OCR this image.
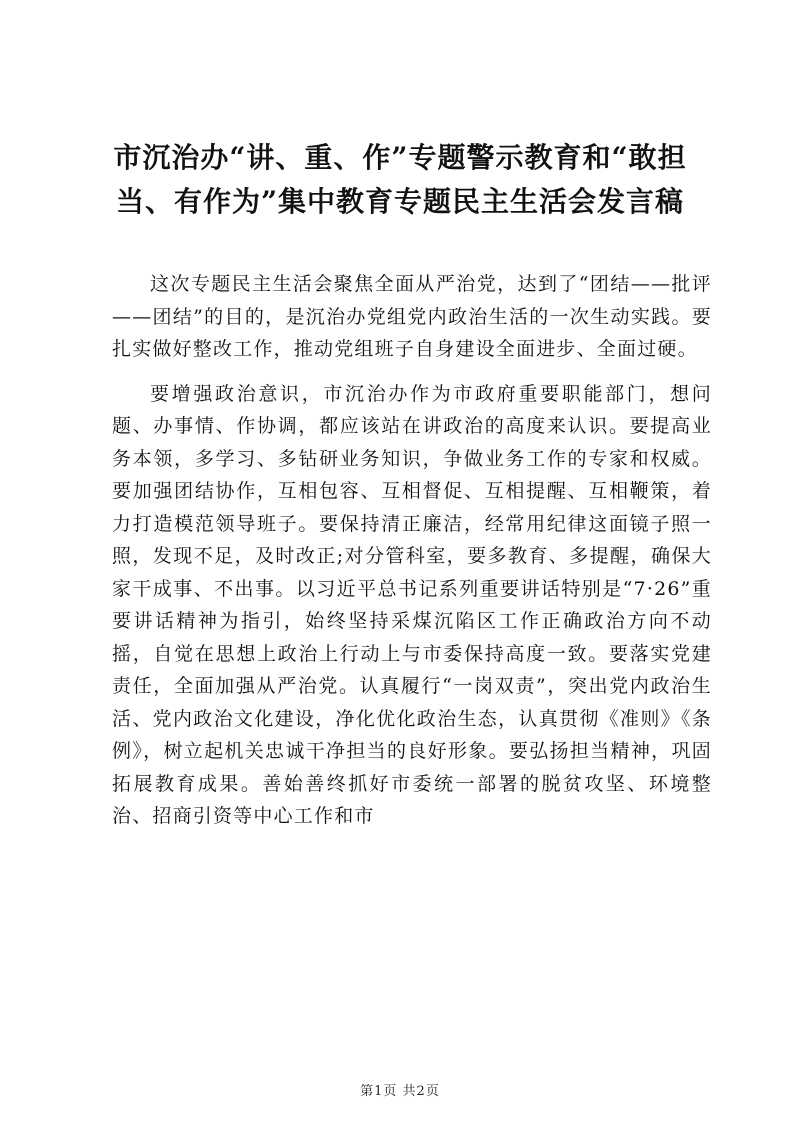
市沉治办“讲、重、作”专题警示教育和“敢担当、有作为”集中教育专题民主生活会发言稿

这次专题民主生活会聚焦全面从严治党，达到了“团结——批评——团结”的目的，是沉治办党组党内政治生活的一次生动实践。要扎实做好整改工作，推动党组班子自身建设全面进步、全面过硬。

要增强政治意识，市沉治办作为市政府重要职能部门，想问题、办事情、作协调，都应该站在讲政治的高度来认识。要提高业务本领，多学习、多钻研业务知识，争做业务工作的专家和权威。要加强团结协作，互相包容、互相督促、互相提醒、互相鞭策，着力打造模范领导班子。要保持清正廉洁，经常用纪律这面镜子照一照，发现不足，及时改正;对分管科室，要多教育、多提醒，确保大家干成事、不出事。以习近平总书记系列重要讲话特别是“7·26”重要讲话精神为指引，始终坚持采煤沉陷区工作正确政治方向不动摇，自觉在思想上政治上行动上与市委保持高度一致。要落实党建责任，全面加强从严治党。认真履行“一岗双责”，突出党内政治生活、党内政治文化建设，净化优化政治生态，认真贯彻《准则》《条例》，树立起机关忠诚干净担当的良好形象。要弘扬担当精神，巩固拓展教育成果。善始善终抓好市委统一部署的脱贫攻坚、环境整治、招商引资等中心工作和市

第1页 共2页
